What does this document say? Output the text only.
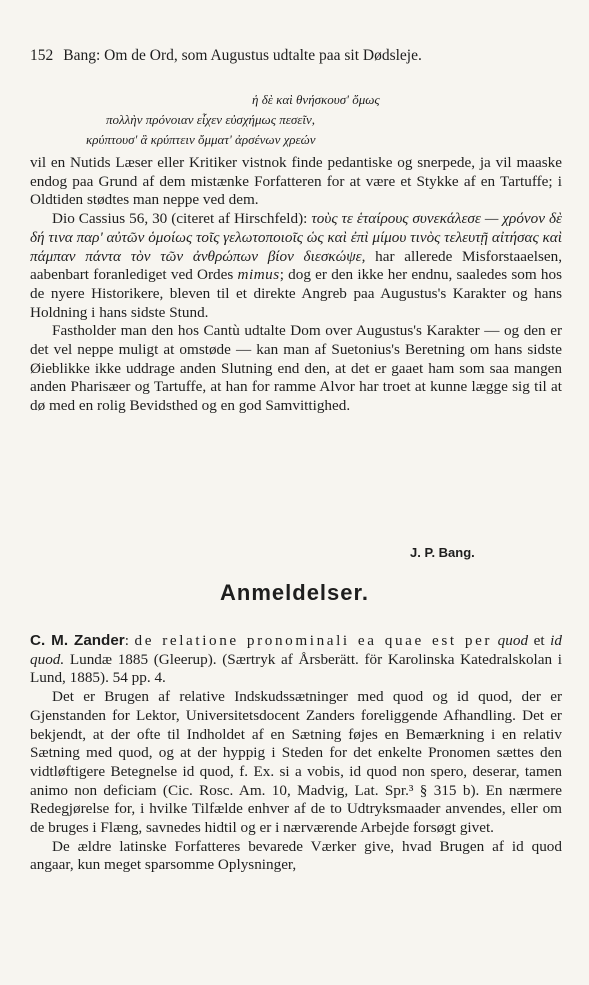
152 Bang: Om de Ord, som Augustus udtalte paa sit Dødsleje.
ἡ δὲ καὶ θνήσκουσ' ὅμως
πολλὴν πρόνοιαν εἶχεν εὐσχήμως πεσεῖν,
κρύπτουσ' ἃ κρύπτειν ὄμματ' ἀρσένων χρεών

vil en Nutids Læser eller Kritiker vistnok finde pedantiske og snerpede, ja vil maaske endog paa Grund af dem mistænke Forfatteren for at være et Stykke af en Tartuffe; i Oldtiden stødtes man neppe ved dem.

Dio Cassius 56, 30 (citeret af Hirschfeld): τοὺς τε ἑταίρους συνεκάλεσε — χρόνον δὲ δή τινα παρ' αὐτῶν ὁμοίως τοῖς γελωτοποιοῖς ὡς καὶ ἐπὶ μίμου τινὸς τελευτῇ αἰτήσας καὶ πάμπαν πάντα τὸν τῶν ἀνθρώπων βίον διεσκώψε, har allerede Misforstaaelsen, aabenbart foranlediget ved Ordes mimus; dog er den ikke her endnu, saaledes som hos de nyere Historikere, bleven til et direkte Angreb paa Augustus's Karakter og hans Holdning i hans sidste Stund.

Fastholder man den hos Cantù udtalte Dom over Augustus's Karakter — og den er det vel neppe muligt at omstøde — kan man af Suetonius's Beretning om hans sidste Øieblikke ikke uddrage anden Slutning end den, at det er gaaet ham som saa mangen anden Pharisæer og Tartuffe, at han for ramme Alvor har troet at kunne lægge sig til at dø med en rolig Bevidsthed og en god Samvittighed.

J. P. Bang.
Anmeldelser.

C. M. Zander: de relatione pronominali ea quae est per quod et id quod. Lundæ 1885 (Gleerup). (Særtryk af Årsberätt. för Karolinska Katedralskolan i Lund, 1885). 54 pp. 4.

Det er Brugen af relative Indskudssætninger med quod og id quod, der er Gjenstanden for Lektor, Universitetsdocent Zanders foreliggende Afhandling. Det er bekjendt, at der ofte til Indholdet af en Sætning føjes en Bemærkning i en relativ Sætning med quod, og at der hyppig i Steden for det enkelte Pronomen sættes den vidtløftigere Betegnelse id quod, f. Ex. si a vobis, id quod non spero, deserar, tamen animo non deficiam (Cic. Rosc. Am. 10, Madvig, Lat. Spr.³ § 315 b). En nærmere Redegjørelse for, i hvilke Tilfælde enhver af de to Udtryksmaader anvendes, eller om de bruges i Flæng, savnedes hidtil og er i nærværende Arbejde forsøgt givet.

De ældre latinske Forfatteres bevarede Værker give, hvad Brugen af id quod angaar, kun meget sparsomme Oplysninger,
